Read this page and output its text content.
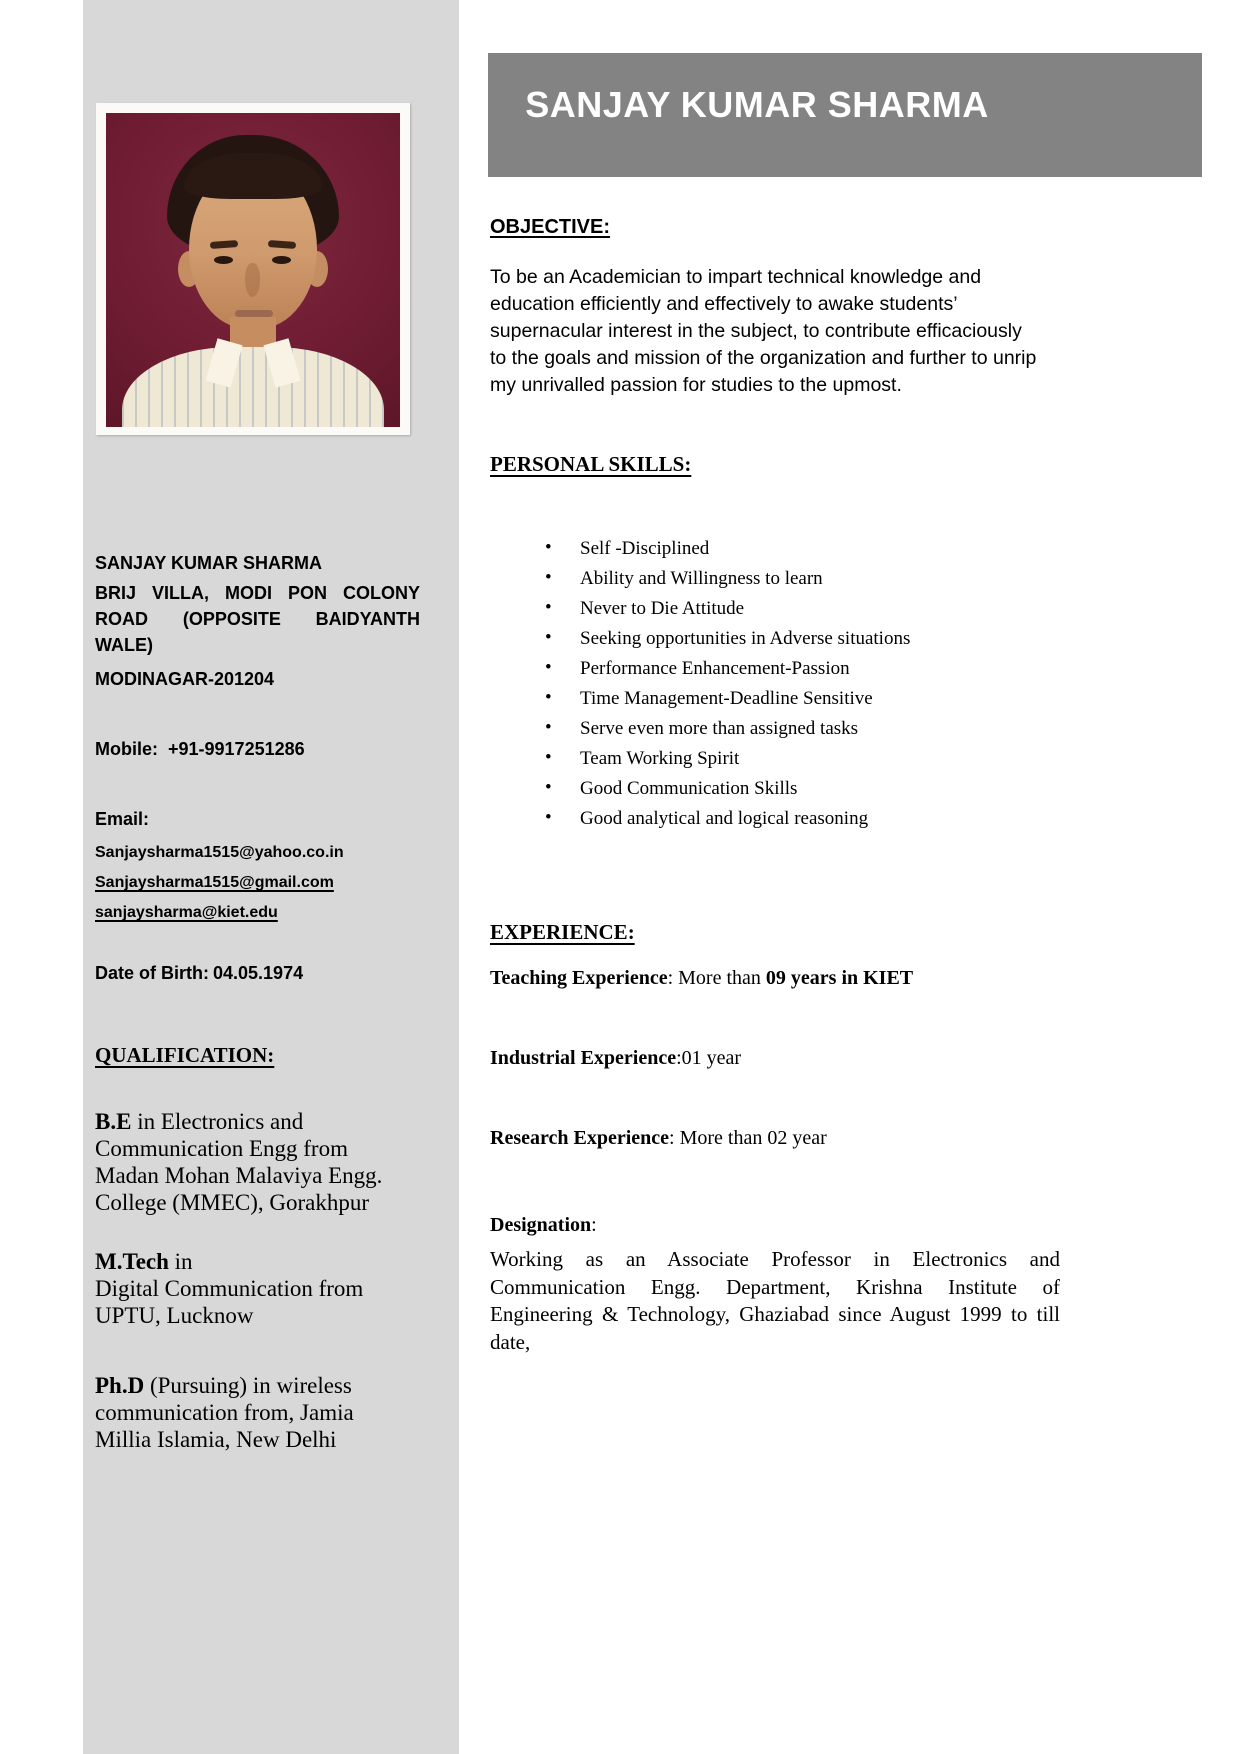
SANJAY KUMAR SHARMA
BRIJ VILLA, MODI PON COLONY ROAD (OPPOSITE BAIDYANTH WALE)
MODINAGAR-201204
Mobile: +91-9917251286
Email:
Sanjaysharma1515@yahoo.co.in
Sanjaysharma1515@gmail.com
sanjaysharma@kiet.edu
Date of Birth: 04.05.1974
QUALIFICATION:

B.E in Electronics and
Communication Engg from
Madan Mohan Malaviya Engg.
College (MMEC), Gorakhpur

M.Tech in
Digital Communication from
UPTU, Lucknow

Ph.D (Pursuing) in wireless
communication from, Jamia
Millia Islamia, New Delhi

SANJAY KUMAR SHARMA
OBJECTIVE:
To be an Academician to impart technical knowledge and education efficiently and effectively to awake students’ supernacular interest in the subject, to contribute efficaciously to the goals and mission of the organization and further to unrip my unrivalled passion for studies to the upmost.
PERSONAL SKILLS:
• Self -Disciplined
• Ability and Willingness to learn
• Never to Die Attitude
• Seeking opportunities in Adverse situations
• Performance Enhancement-Passion
• Time Management-Deadline Sensitive
• Serve even more than assigned tasks
• Team Working Spirit
• Good Communication Skills
• Good analytical and logical reasoning
EXPERIENCE:

Teaching Experience: More than 09 years in KIET

Industrial Experience:01 year

Research Experience: More than 02 year

Designation:
Working as an Associate Professor in Electronics and Communication Engg. Department, Krishna Institute of Engineering & Technology, Ghaziabad since August 1999 to till date,
